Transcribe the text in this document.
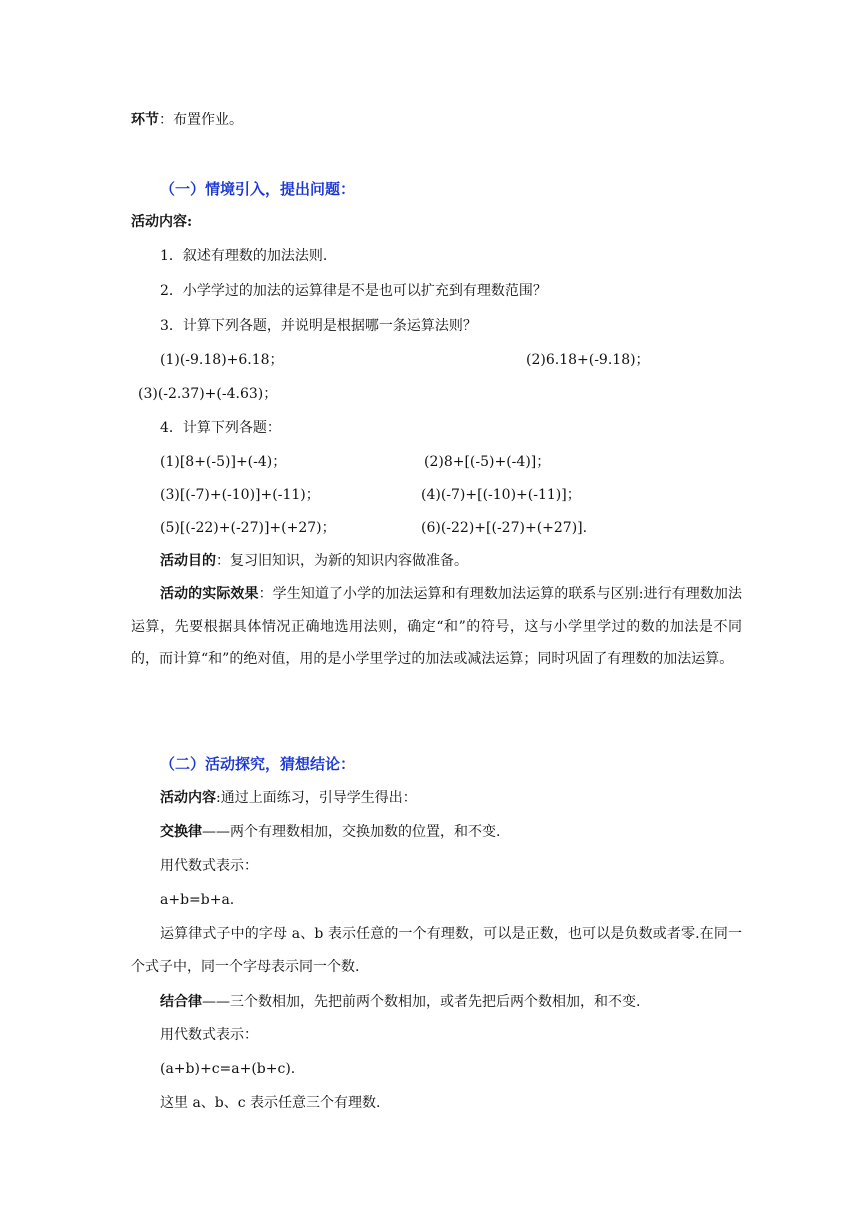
环节：布置作业。
（一）情境引入，提出问题：
活动内容:
1．叙述有理数的加法法则.
2．小学学过的加法的运算律是不是也可以扩充到有理数范围？
3．计算下列各题，并说明是根据哪一条运算法则？
(1)(-9.18)+6.18；	(2)6.18+(-9.18)；
(3)(-2.37)+(-4.63)；
4．计算下列各题：
(1)[8+(-5)]+(-4)；	(2)8+[(-5)+(-4)]；
(3)[(-7)+(-10)]+(-11)；	(4)(-7)+[(-10)+(-11)]；
(5)[(-22)+(-27)]+(+27)；	(6)(-22)+[(-27)+(+27)].
活动目的：复习旧知识，为新的知识内容做准备。
活动的实际效果：学生知道了小学的加法运算和有理数加法运算的联系与区别:进行有理数加法运算，先要根据具体情况正确地选用法则，确定“和”的符号，这与小学里学过的数的加法是不同的，而计算“和”的绝对值，用的是小学里学过的加法或减法运算；同时巩固了有理数的加法运算。
（二）活动探究，猜想结论：
活动内容:通过上面练习，引导学生得出：
交换律——两个有理数相加，交换加数的位置，和不变.
用代数式表示：
a+b=b+a.
运算律式子中的字母 a、b 表示任意的一个有理数，可以是正数，也可以是负数或者零.在同一个式子中，同一个字母表示同一个数.
结合律——三个数相加，先把前两个数相加，或者先把后两个数相加，和不变.
用代数式表示：
(a+b)+c=a+(b+c).
这里 a、b、c 表示任意三个有理数.
